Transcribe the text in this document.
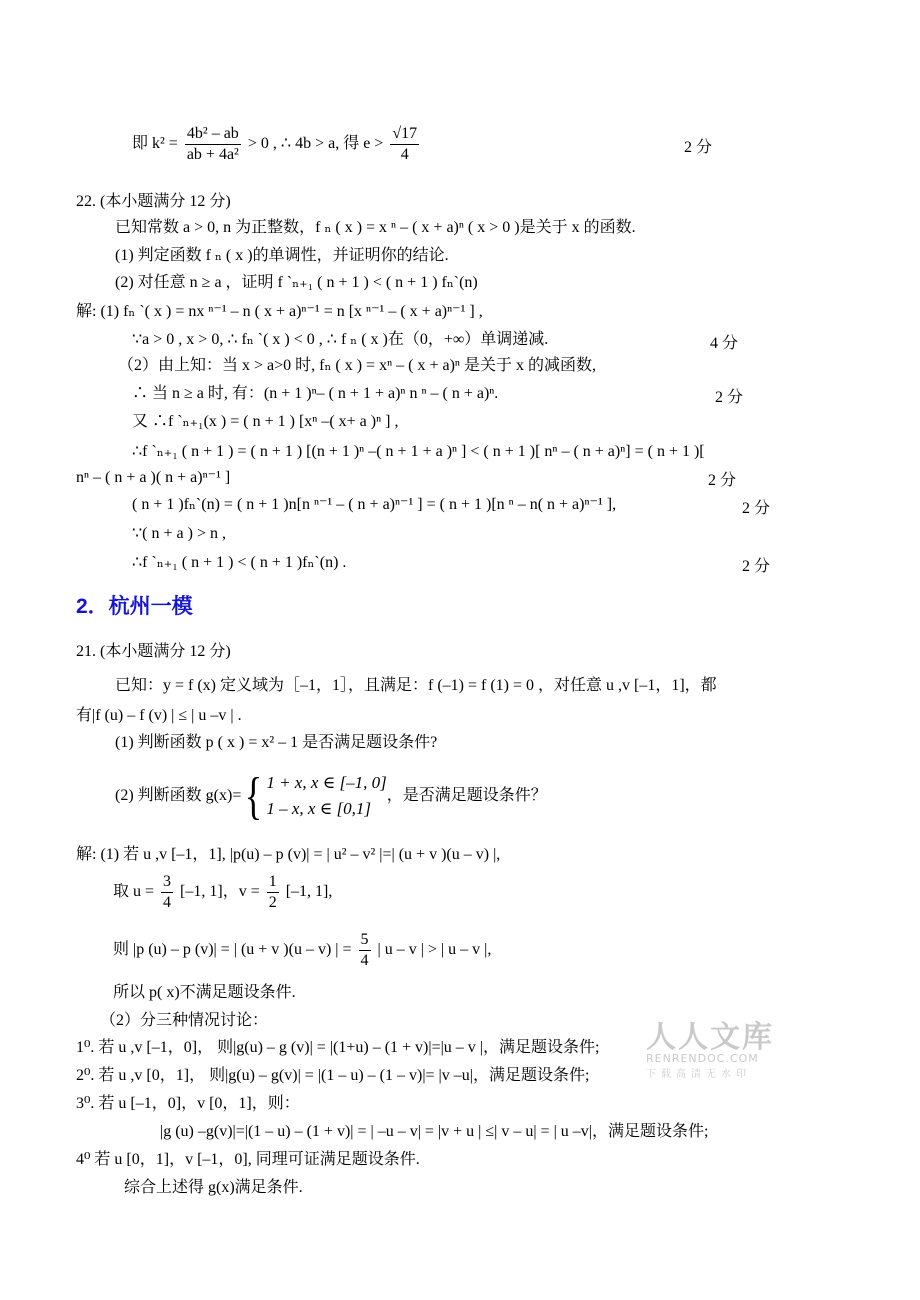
即 $k^2 = \frac{\text{4b² – ab}}{\text{ab + 4a²}} > 0$ , ∴ 4b > a, 得 $e > \frac{√17}{4}$	2 分
22. (本小题满分 12 分)
已知常数 a > 0, n 为正整数，f ₙ ( x ) = x ⁿ – ( x + a)ⁿ ( x > 0 )是关于 x 的函数.
(1) 判定函数 f ₙ ( x )的单调性，并证明你的结论.
(2) 对任意 n ≥ a ，证明 f `ₙ₊₁ ( n + 1 ) < ( n + 1 ) fₙ`(n)
解: (1) fₙ `( x ) = nx ⁿ⁻¹ – n ( x + a)ⁿ⁻¹ = n [x ⁿ⁻¹ – ( x + a)ⁿ⁻¹ ] ,
∵a > 0 , x > 0, ∴ fₙ `( x ) < 0 , ∴ f ₙ ( x )在（0，+∞）单调递减.	4 分
（2）由上知：当 x > a>0 时, fₙ ( x ) = xⁿ – ( x + a)ⁿ 是关于 x 的减函数,
∴ 当 n ≥ a 时, 有：(n + 1 )ⁿ– ( n + 1 + a)ⁿ n ⁿ – ( n + a)ⁿ.	2 分
又 ∴f `ₙ₊₁(x ) = ( n + 1 ) [xⁿ –( x+ a )ⁿ ] ,
∴f `ₙ₊₁ ( n + 1 ) = ( n + 1 ) [(n + 1 )ⁿ –( n + 1 + a )ⁿ ] < ( n + 1 )[ nⁿ – ( n + a)ⁿ] = ( n + 1 )[
nⁿ – ( n + a )( n + a)ⁿ⁻¹ ]	2 分
( n + 1 )fₙ`(n) = ( n + 1 )n[n ⁿ⁻¹ – ( n + a)ⁿ⁻¹ ] = ( n + 1 )[n ⁿ – n( n + a)ⁿ⁻¹ ],	2 分
∵( n + a ) > n ,
∴f `ₙ₊₁ ( n + 1 ) < ( n + 1 )fₙ`(n) .	2 分
2．杭州一模
21. (本小题满分 12 分)
已知：y = f (x) 定义域为［–1，1］，且满足：f (–1) = f (1) = 0 ，对任意 u ,v [–1，1]，都
有|f (u) – f (v) | ≤ | u –v | .
(1) 判断函数 p ( x ) = x² – 1 是否满足题设条件?
(2) 判断函数 g(x)={ 1 + x, x ∈ [–1, 0]
1 – x, x ∈ [0,1]
，是否满足题设条件？
解: (1) 若 u ,v [–1，1], |p(u) – p (v)| = | u² – v² |=| (u + v )(u – v) |,
取 $u = \frac{3}{4} [-1$, 1]，$v = \frac{1}{2} [-1$, 1],
则 |p (u) – p (v)| = | (u + v )(u – v) | = $\frac{5}{4}$ | u – v | > | u – v |,
所以 p( x)不满足题设条件.
（2）分三种情况讨论：
1⁰. 若 u ,v [–1，0]， 则|g(u) – g (v)| = |(1+u) – (1 + v)|=|u – v |，满足题设条件;
2⁰. 若 u ,v [0，1]， 则|g(u) – g(v)| = |(1 – u) – (1 – v)|= |v –u|，满足题设条件;
3⁰. 若 u [–1，0]，v [0，1]，则：
|g (u) –g(v)|=|(1 – u) – (1 + v)| = | –u – v| = |v + u | ≤| v – u| = | u –v|，满足题设条件;
4⁰ 若 u [0，1]，v [–1，0], 同理可证满足题设条件.
综合上述得 g(x)满足条件.
人人文库
RENRENDOC.COM
下载高清无水印
